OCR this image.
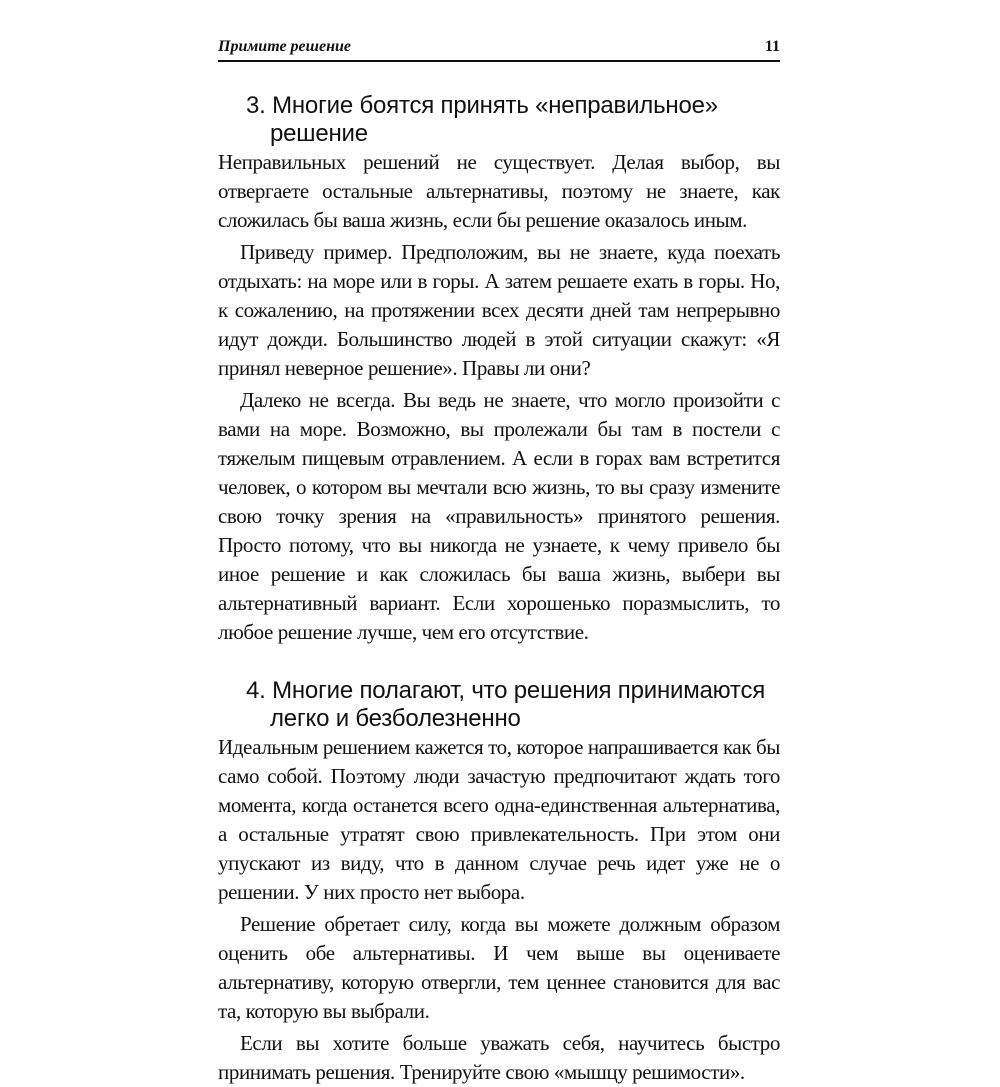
Примите решение	11
3. Многие боятся принять «неправильное»
решение

Неправильных решений не существует. Делая выбор, вы отвергаете остальные альтернативы, поэтому не знаете, как сложилась бы ваша жизнь, если бы решение оказалось иным.

Приведу пример. Предположим, вы не знаете, куда поехать отдыхать: на море или в горы. А затем решаете ехать в горы. Но, к сожалению, на протяжении всех десяти дней там непрерывно идут дожди. Большинство людей в этой ситуации скажут: «Я принял неверное решение». Правы ли они?

Далеко не всегда. Вы ведь не знаете, что могло произойти с вами на море. Возможно, вы пролежали бы там в постели с тяжелым пищевым отравлением. А если в горах вам встретится человек, о котором вы мечтали всю жизнь, то вы сразу измените свою точку зрения на «правильность» принятого решения. Просто потому, что вы никогда не узнаете, к чему привело бы иное решение и как сложилась бы ваша жизнь, выбери вы альтернативный вариант. Если хорошенько поразмыслить, то любое решение лучше, чем его отсутствие.

4. Многие полагают, что решения принимаются
легко и безболезненно

Идеальным решением кажется то, которое напрашивается как бы само собой. Поэтому люди зачастую предпочитают ждать того момента, когда останется всего одна-единственная альтернатива, а остальные утратят свою привлекательность. При этом они упускают из виду, что в данном случае речь идет уже не о решении. У них просто нет выбора.

Решение обретает силу, когда вы можете должным образом оценить обе альтернативы. И чем выше вы оцениваете альтернативу, которую отвергли, тем ценнее становится для вас та, которую вы выбрали.

Если вы хотите больше уважать себя, научитесь быстро принимать решения. Тренируйте свою «мышцу решимости».
